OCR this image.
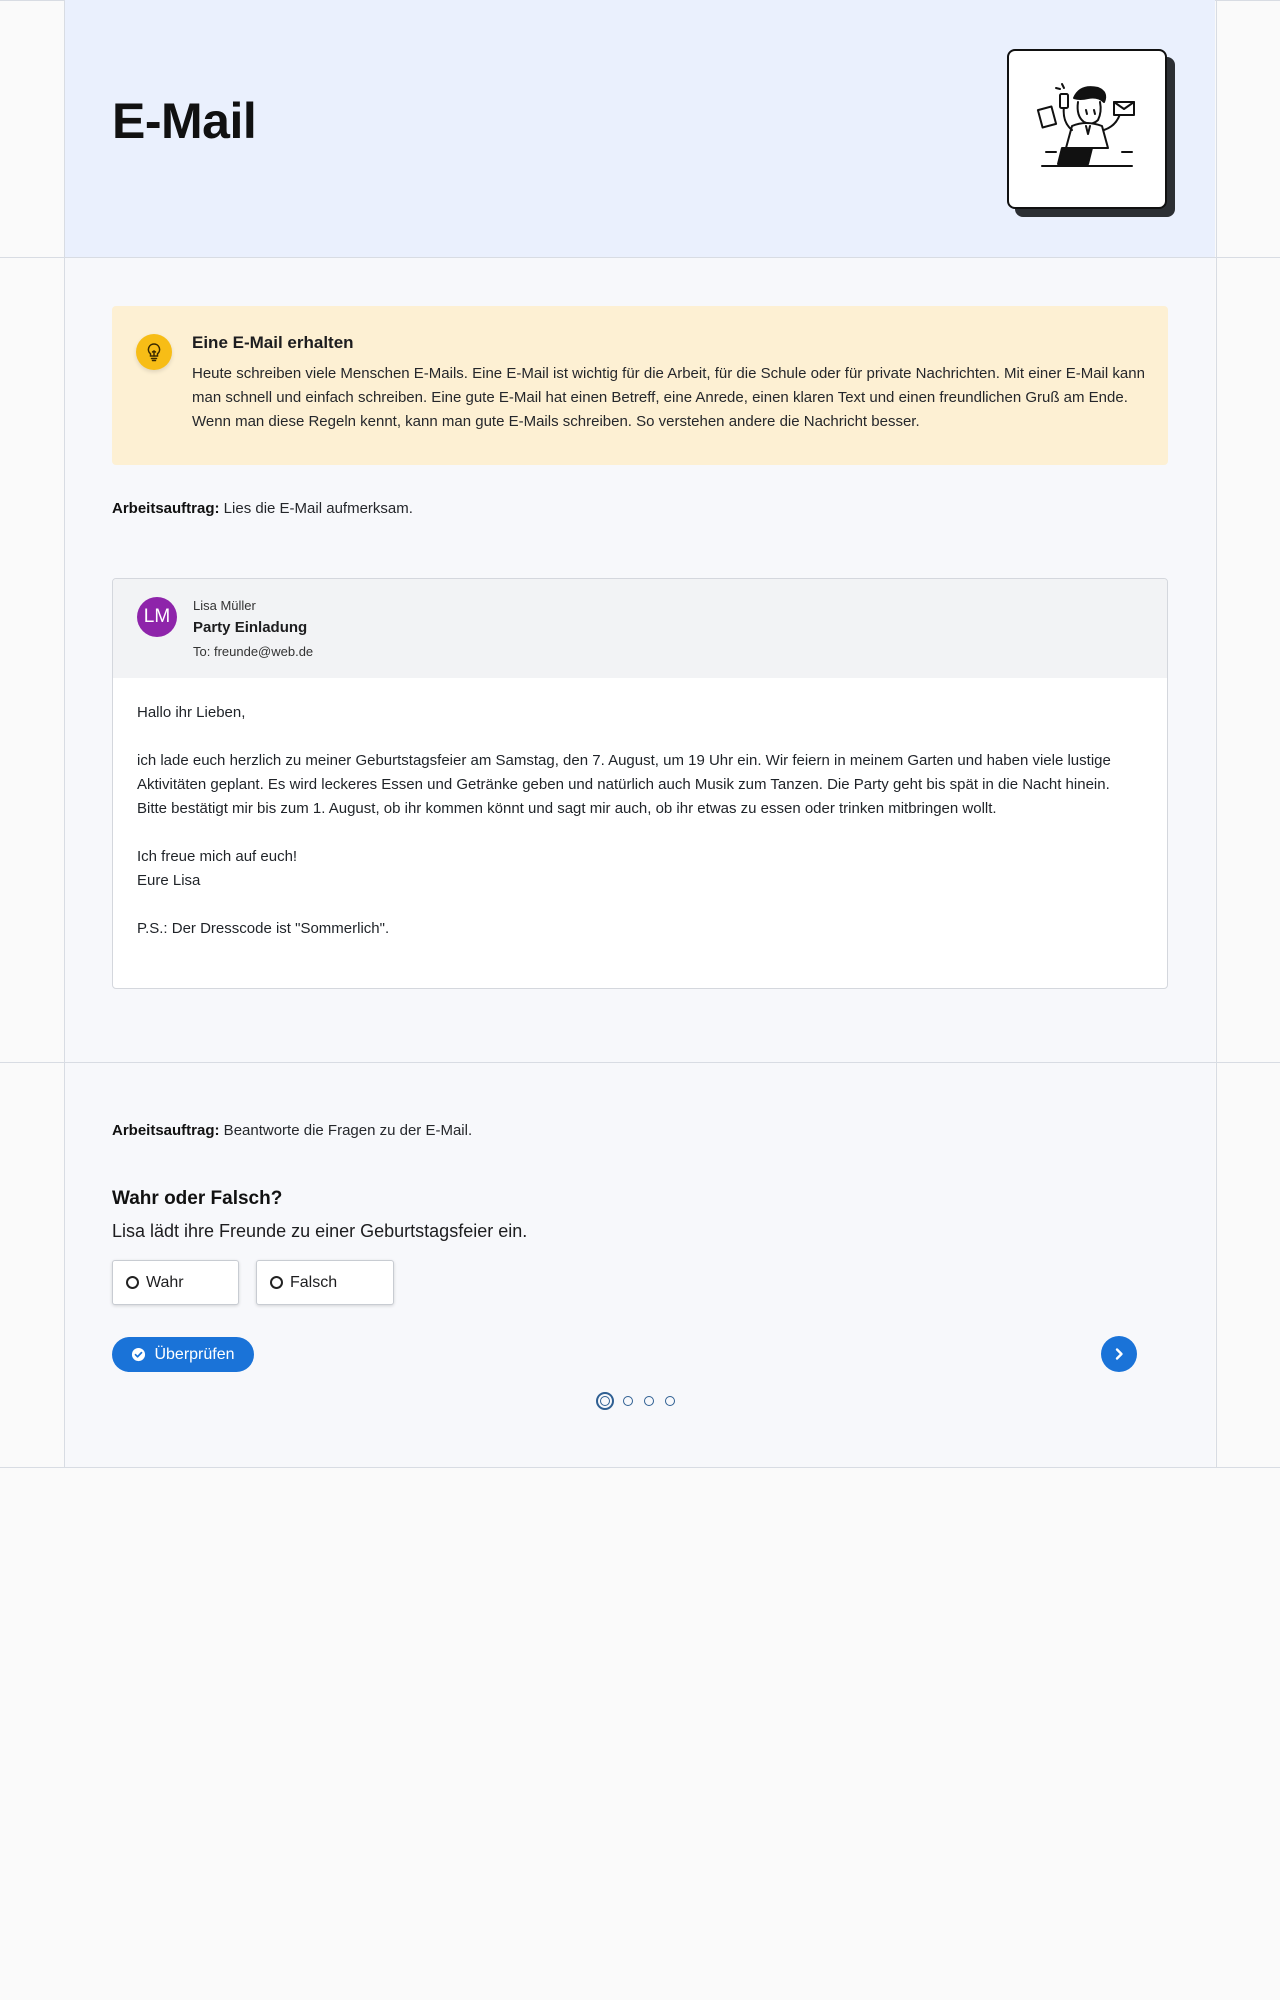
E-Mail
Eine E-Mail erhalten

Heute schreiben viele Menschen E-Mails. Eine E-Mail ist wichtig für die Arbeit, für die Schule oder für private Nachrichten. Mit einer E-Mail kann man schnell und einfach schreiben. Eine gute E-Mail hat einen Betreff, eine Anrede, einen klaren Text und einen freundlichen Gruß am Ende. Wenn man diese Regeln kennt, kann man gute E-Mails schreiben. So verstehen andere die Nachricht besser.

Arbeitsauftrag: Lies die E-Mail aufmerksam.

LM
Lisa Müller
Party Einladung
To: freunde@web.de

Hallo ihr Lieben,

ich lade euch herzlich zu meiner Geburtstagsfeier am Samstag, den 7. August, um 19 Uhr ein. Wir feiern in meinem Garten und haben viele lustige Aktivitäten geplant. Es wird leckeres Essen und Getränke geben und natürlich auch Musik zum Tanzen. Die Party geht bis spät in die Nacht hinein. Bitte bestätigt mir bis zum 1. August, ob ihr kommen könnt und sagt mir auch, ob ihr etwas zu essen oder trinken mitbringen wollt.

Ich freue mich auf euch!

Eure Lisa

P.S.: Der Dresscode ist "Sommerlich".

Arbeitsauftrag: Beantworte die Fragen zu der E-Mail.

Wahr oder Falsch?

Lisa lädt ihre Freunde zu einer Geburtstagsfeier ein.

Wahr	Falsch
Überprüfen
